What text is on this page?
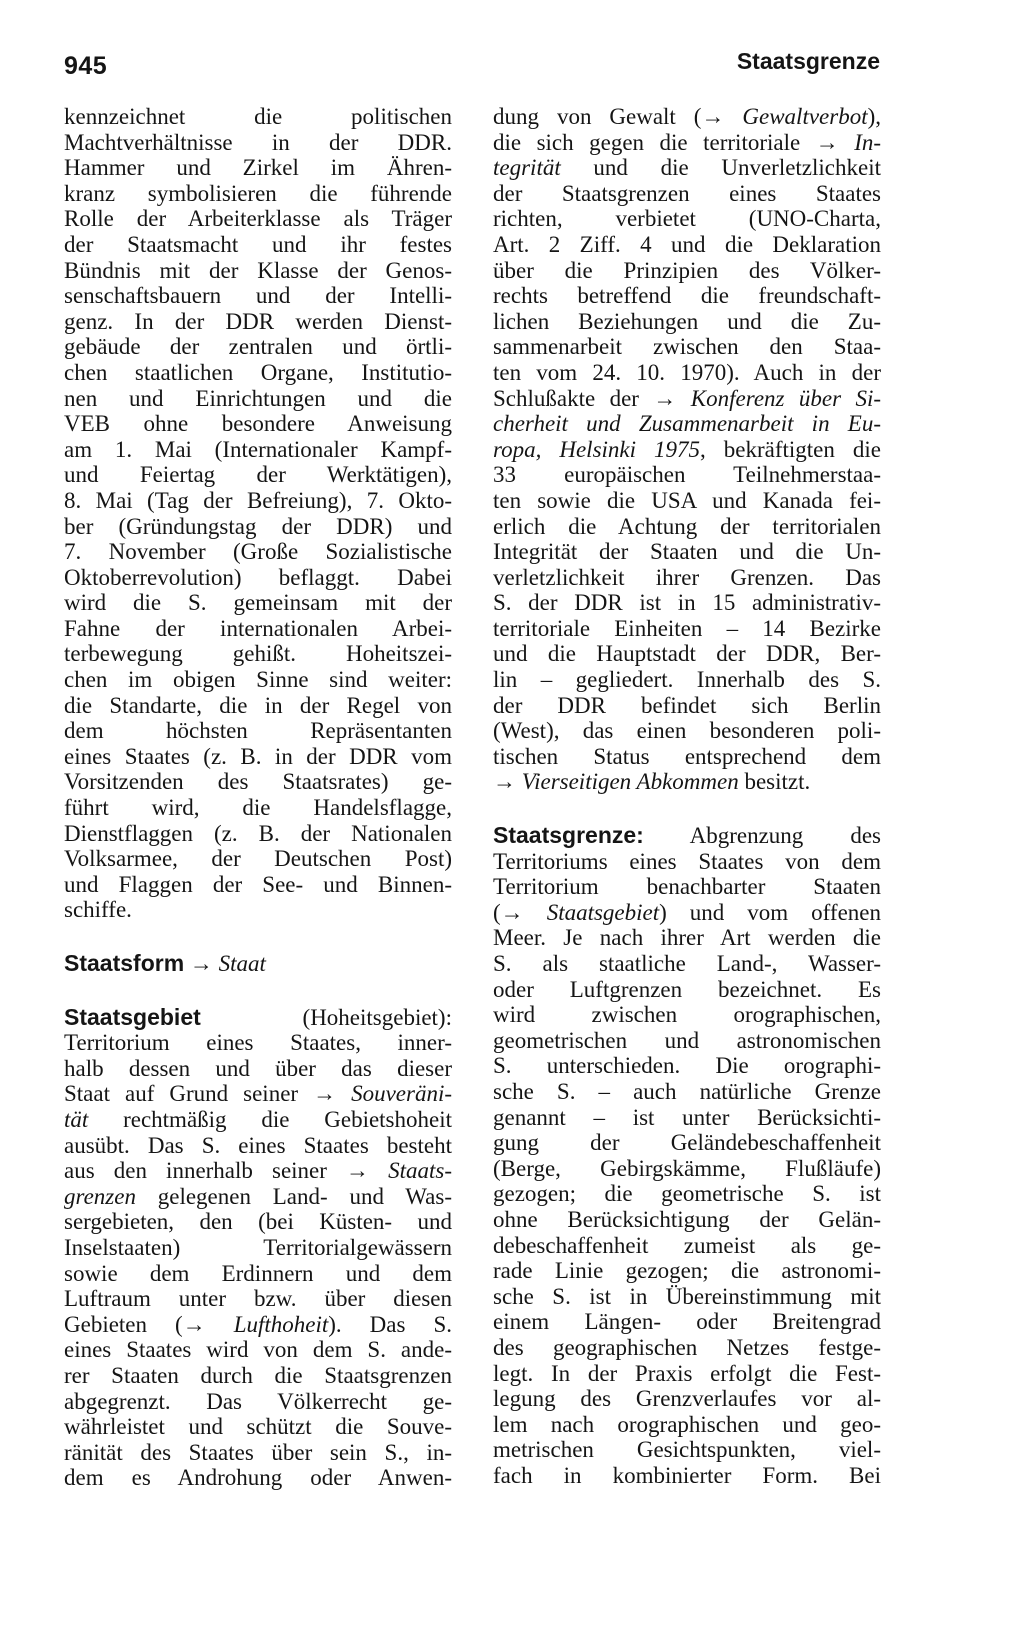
945	Staatsgrenze
kennzeichnet die politischen
Machtverhältnisse in der DDR.
Hammer und Zirkel im Ähren-
kranz symbolisieren die führende
Rolle der Arbeiterklasse als Träger
der Staatsmacht und ihr festes
Bündnis mit der Klasse der Genos-
senschaftsbauern und der Intelli-
genz. In der DDR werden Dienst-
gebäude der zentralen und örtli-
chen staatlichen Organe, Institutio-
nen und Einrichtungen und die
VEB ohne besondere Anweisung
am 1. Mai (Internationaler Kampf-
und Feiertag der Werktätigen),
8. Mai (Tag der Befreiung), 7. Okto-
ber (Gründungstag der DDR) und
7. November (Große Sozialistische
Oktoberrevolution) beflaggt. Dabei
wird die S. gemeinsam mit der
Fahne der internationalen Arbei-
terbewegung gehißt. Hoheitszei-
chen im obigen Sinne sind weiter:
die Standarte, die in der Regel von
dem höchsten Repräsentanten
eines Staates (z. B. in der DDR vom
Vorsitzenden des Staatsrates) ge-
führt wird, die Handelsflagge,
Dienstflaggen (z. B. der Nationalen
Volksarmee, der Deutschen Post)
und Flaggen der See- und Binnen-
schiffe.
Staatsform → Staat
Staatsgebiet	(Hoheitsgebiet):
Territorium eines Staates, inner-
halb dessen und über das dieser
Staat auf Grund seiner → Souveräni-
tät rechtmäßig die Gebietshoheit
ausübt. Das S. eines Staates besteht
aus den innerhalb seiner → Staats-
grenzen gelegenen Land- und Was-
sergebieten, den (bei Küsten- und
Inselstaaten) Territorialgewässern
sowie dem Erdinnern und dem
Luftraum unter bzw. über diesen
Gebieten (→ Lufthoheit). Das S.
eines Staates wird von dem S. ande-
rer Staaten durch die Staatsgrenzen
abgegrenzt. Das Völkerrecht ge-
währleistet und schützt die Souve-
ränität des Staates über sein S., in-
dem es Androhung oder Anwen-
dung von Gewalt (→ Gewaltverbot),
die sich gegen die territoriale → In-
tegrität und die Unverletzlichkeit
der Staatsgrenzen eines Staates
richten, verbietet (UNO-Charta,
Art. 2 Ziff. 4 und die Deklaration
über die Prinzipien des Völker-
rechts betreffend die freundschaft-
lichen Beziehungen und die Zu-
sammenarbeit zwischen den Staa-
ten vom 24. 10. 1970). Auch in der
Schlußakte der → Konferenz über Si-
cherheit und Zusammenarbeit in Eu-
ropa, Helsinki 1975, bekräftigten die
33 europäischen Teilnehmerstaa-
ten sowie die USA und Kanada fei-
erlich die Achtung der territorialen
Integrität der Staaten und die Un-
verletzlichkeit ihrer Grenzen. Das
S. der DDR ist in 15 administrativ-
territoriale Einheiten – 14 Bezirke
und die Hauptstadt der DDR, Ber-
lin – gegliedert. Innerhalb des S.
der DDR befindet sich Berlin
(West), das einen besonderen poli-
tischen Status entsprechend dem
→ Vierseitigen Abkommen besitzt.
Staatsgrenze: Abgrenzung des
Territoriums eines Staates von dem
Territorium benachbarter Staaten
(→ Staatsgebiet) und vom offenen
Meer. Je nach ihrer Art werden die
S. als staatliche Land-, Wasser-
oder Luftgrenzen bezeichnet. Es
wird zwischen orographischen,
geometrischen und astronomischen
S. unterschieden. Die orographi-
sche S. – auch natürliche Grenze
genannt – ist unter Berücksichti-
gung der Geländebeschaffenheit
(Berge, Gebirgskämme, Flußläufe)
gezogen; die geometrische S. ist
ohne Berücksichtigung der Gelän-
debeschaffenheit zumeist als ge-
rade Linie gezogen; die astronomi-
sche S. ist in Übereinstimmung mit
einem Längen- oder Breitengrad
des geographischen Netzes festge-
legt. In der Praxis erfolgt die Fest-
legung des Grenzverlaufes vor al-
lem nach orographischen und geo-
metrischen Gesichtspunkten, viel-
fach in kombinierter Form. Bei
